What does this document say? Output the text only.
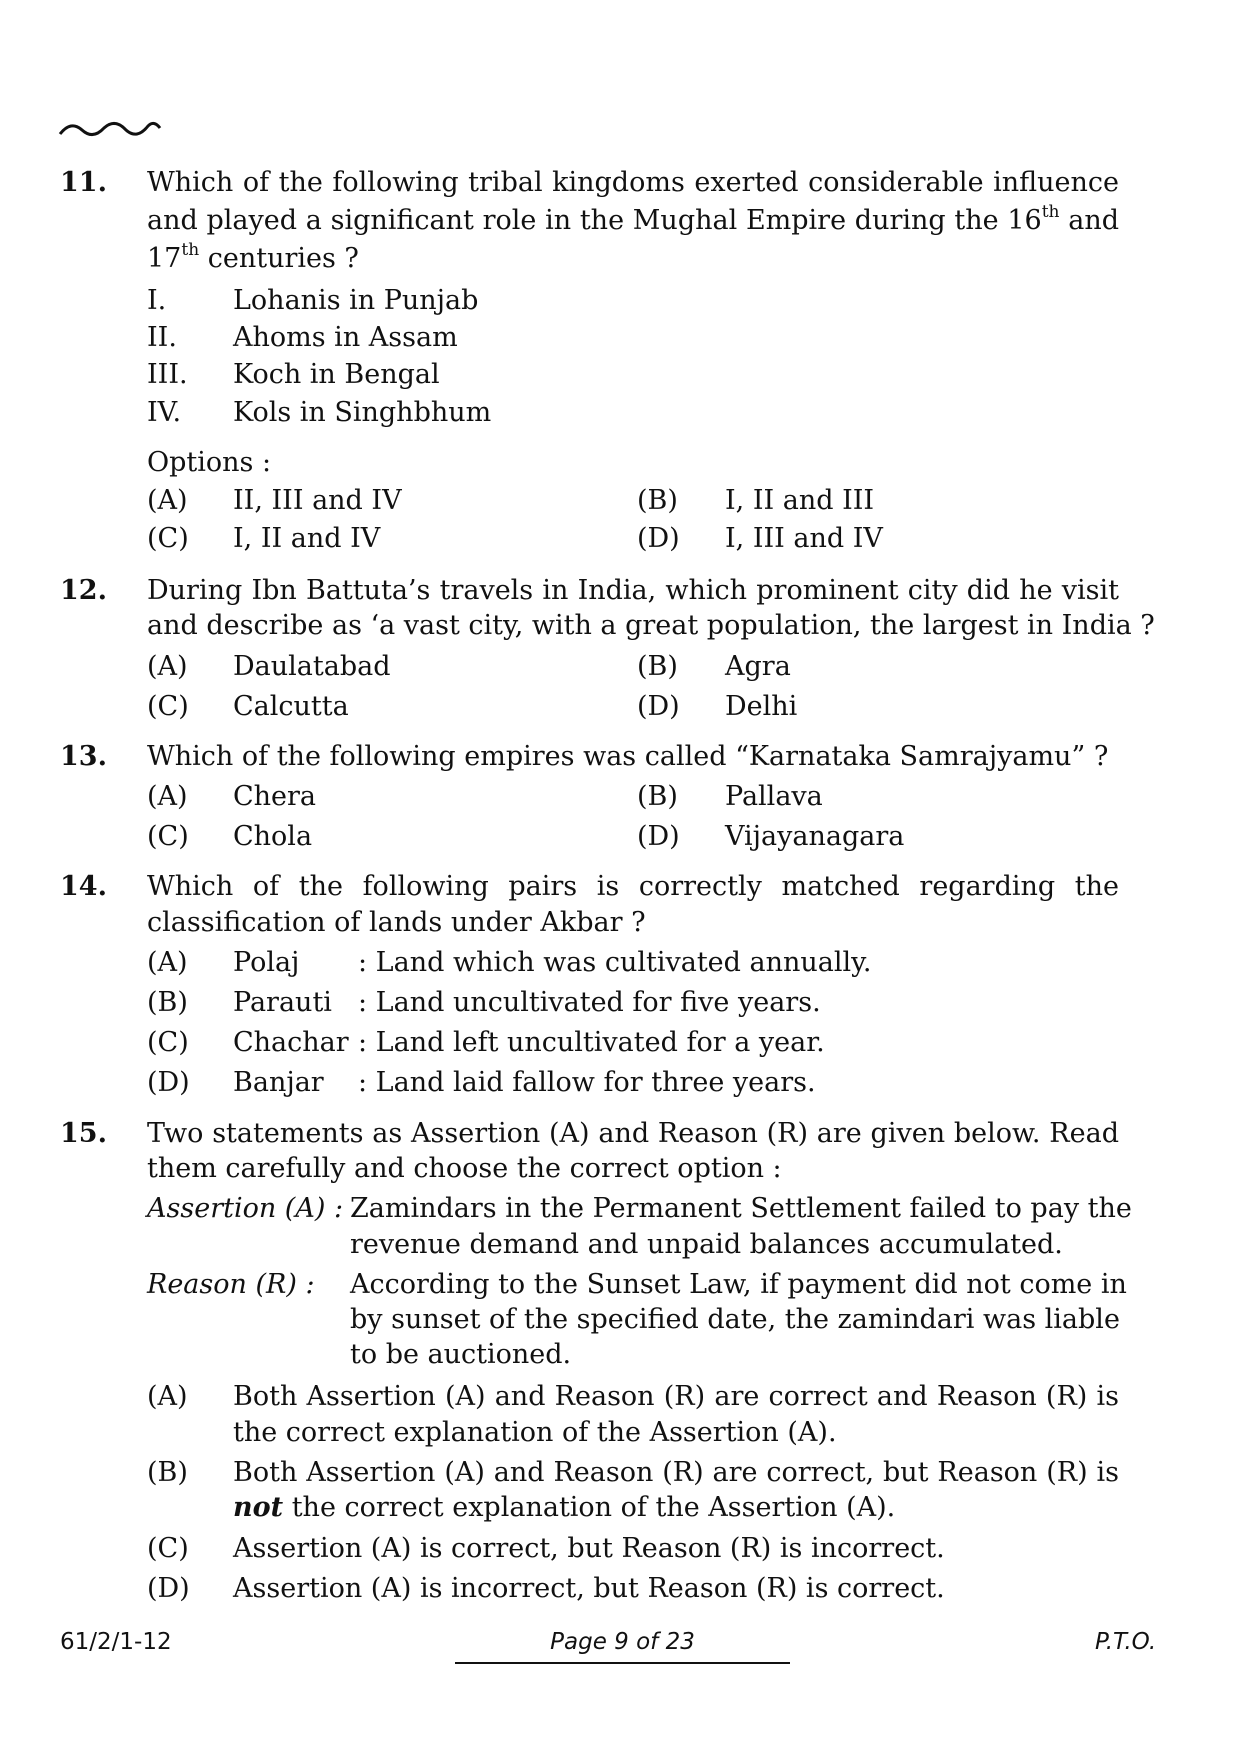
11. Which of the following tribal kingdoms exerted considerable influence
and played a significant role in the Mughal Empire during the 16th and
17th centuries ?
I. Lohanis in Punjab
II. Ahoms in Assam
III. Koch in Bengal
IV. Kols in Singhbhum
Options :
(A) II, III and IV	(B) I, II and III
(C) I, II and IV	(D) I, III and IV
12. During Ibn Battuta’s travels in India, which prominent city did he visit
and describe as ‘a vast city, with a great population, the largest in India ?
(A) Daulatabad	(B) Agra
(C) Calcutta	(D) Delhi
13. Which of the following empires was called “Karnataka Samrajyamu” ?
(A) Chera	(B) Pallava
(C) Chola	(D) Vijayanagara
14. Which of the following pairs is correctly matched regarding the
classification of lands under Akbar ?
(A) Polaj : Land which was cultivated annually.
(B) Parauti : Land uncultivated for five years.
(C) Chachar : Land left uncultivated for a year.
(D) Banjar : Land laid fallow for three years.
15. Two statements as Assertion (A) and Reason (R) are given below. Read
them carefully and choose the correct option :
Assertion (A) : Zamindars in the Permanent Settlement failed to pay the
revenue demand and unpaid balances accumulated.
Reason (R) : According to the Sunset Law, if payment did not come in
by sunset of the specified date, the zamindari was liable
to be auctioned.
(A) Both Assertion (A) and Reason (R) are correct and Reason (R) is
the correct explanation of the Assertion (A).
(B) Both Assertion (A) and Reason (R) are correct, but Reason (R) is
not the correct explanation of the Assertion (A).
(C) Assertion (A) is correct, but Reason (R) is incorrect.
(D) Assertion (A) is incorrect, but Reason (R) is correct.
61/2/1-12	Page 9 of 23	P.T.O.
